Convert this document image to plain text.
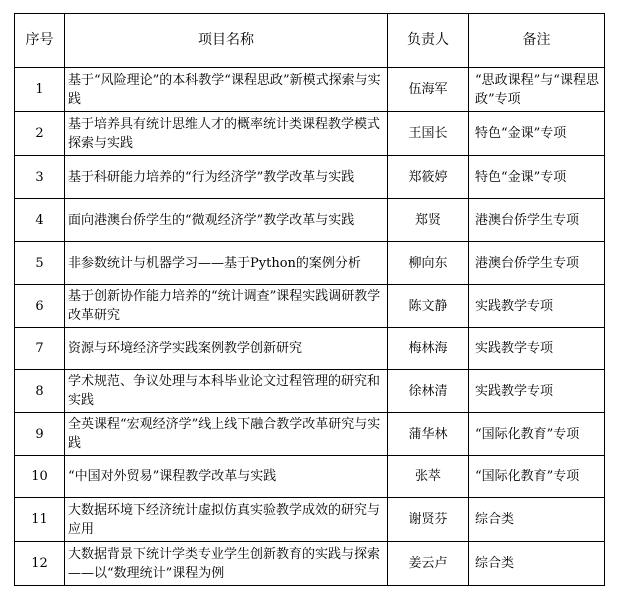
序号	项目名称	负责人	备注
1	基于“风险理论”的本科教学“课程思政”新模式探索与实践	伍海军	“思政课程”与“课程思政”专项
2	基于培养具有统计思维人才的概率统计类课程教学模式探索与实践	王国长	特色“金课”专项
3	基于科研能力培养的“行为经济学”教学改革与实践	郑筱婷	特色“金课”专项
4	面向港澳台侨学生的“微观经济学”教学改革与实践	郑贤	港澳台侨学生专项
5	非参数统计与机器学习——基于Python的案例分析	柳向东	港澳台侨学生专项
6	基于创新协作能力培养的“统计调查”课程实践调研教学改革研究	陈文静	实践教学专项
7	资源与环境经济学实践案例教学创新研究	梅林海	实践教学专项
8	学术规范、争议处理与本科毕业论文过程管理的研究和实践	徐林清	实践教学专项
9	全英课程“宏观经济学”线上线下融合教学改革研究与实践	蒲华林	“国际化教育”专项
10	“中国对外贸易”课程教学改革与实践	张萃	“国际化教育”专项
11	大数据环境下经济统计虚拟仿真实验教学成效的研究与应用	谢贤芬	综合类
12	大数据背景下统计学类专业学生创新教育的实践与探索——以“数理统计”课程为例	姜云卢	综合类
